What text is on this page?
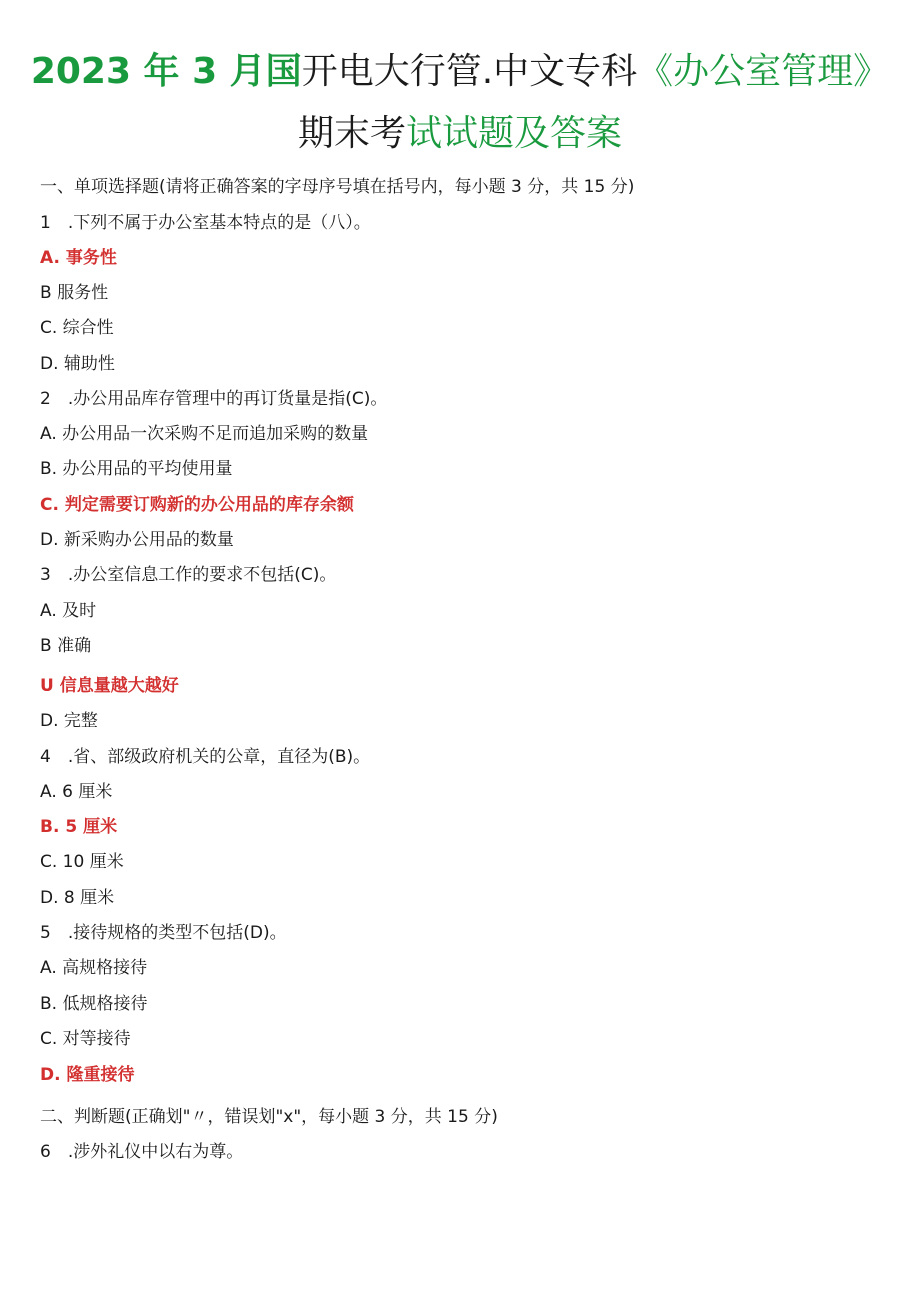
2023 年 3 月国开电大行管.中文专科《办公室管理》
期末考试试题及答案
一、单项选择题(请将正确答案的字母序号填在括号内，每小题 3 分，共 15 分)
1　.下列不属于办公室基本特点的是（八）。
A. 事务性
B 服务性
C. 综合性
D. 辅助性
2　.办公用品库存管理中的再订货量是指(C)。
A. 办公用品一次采购不足而追加采购的数量
B. 办公用品的平均使用量
C. 判定需要订购新的办公用品的库存余额
D. 新采购办公用品的数量
3　.办公室信息工作的要求不包括(C)。
A. 及时
B 准确
U 信息量越大越好
D. 完整
4　.省、部级政府机关的公章，直径为(B)。
A. 6 厘米
B. 5 厘米
C. 10 厘米
D. 8 厘米
5　.接待规格的类型不包括(D)。
A. 高规格接待
B. 低规格接待
C. 对等接待
D. 隆重接待
二、判断题(正确划"〃，错误划"x"，每小题 3 分，共 15 分)
6　.涉外礼仪中以右为尊。
